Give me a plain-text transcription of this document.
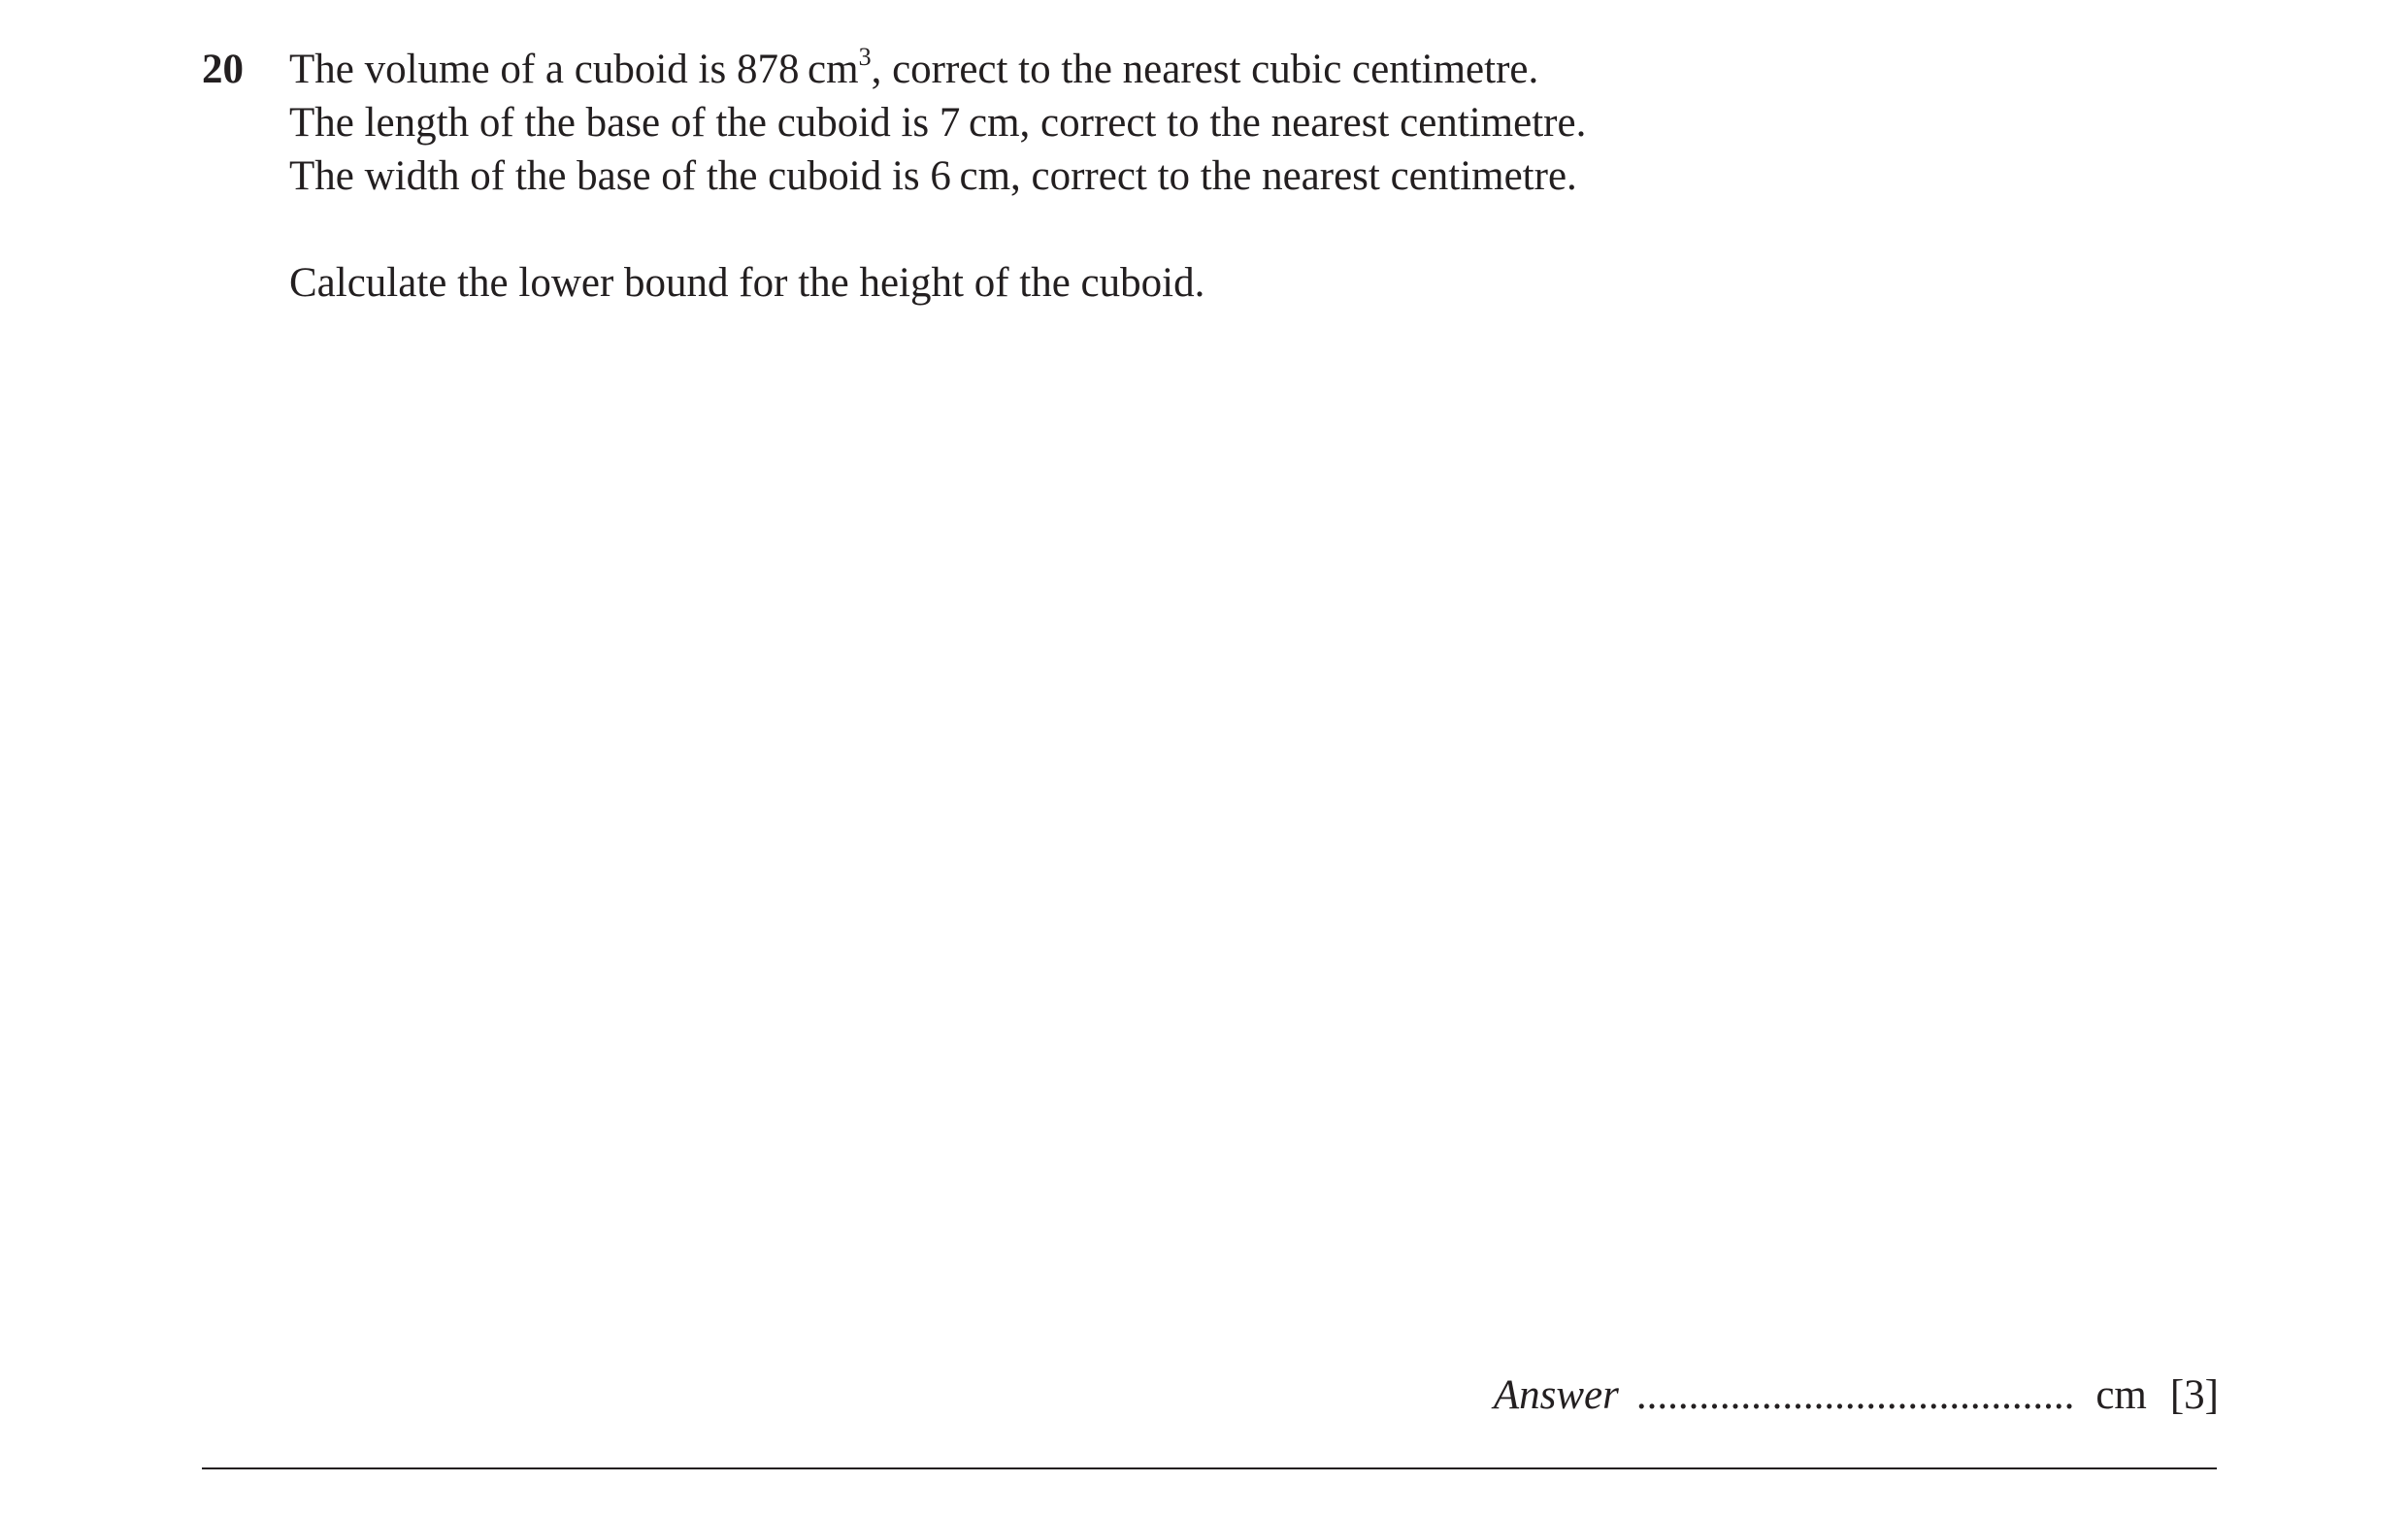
20 The volume of a cuboid is 878 $cm^3$, correct to the nearest cubic centimetre.
The length of the base of the cuboid is 7 cm, correct to the nearest centimetre.
The width of the base of the cuboid is 6 cm, correct to the nearest centimetre.
Calculate the lower bound for the height of the cuboid.
Answer .......................................... cm [3]
